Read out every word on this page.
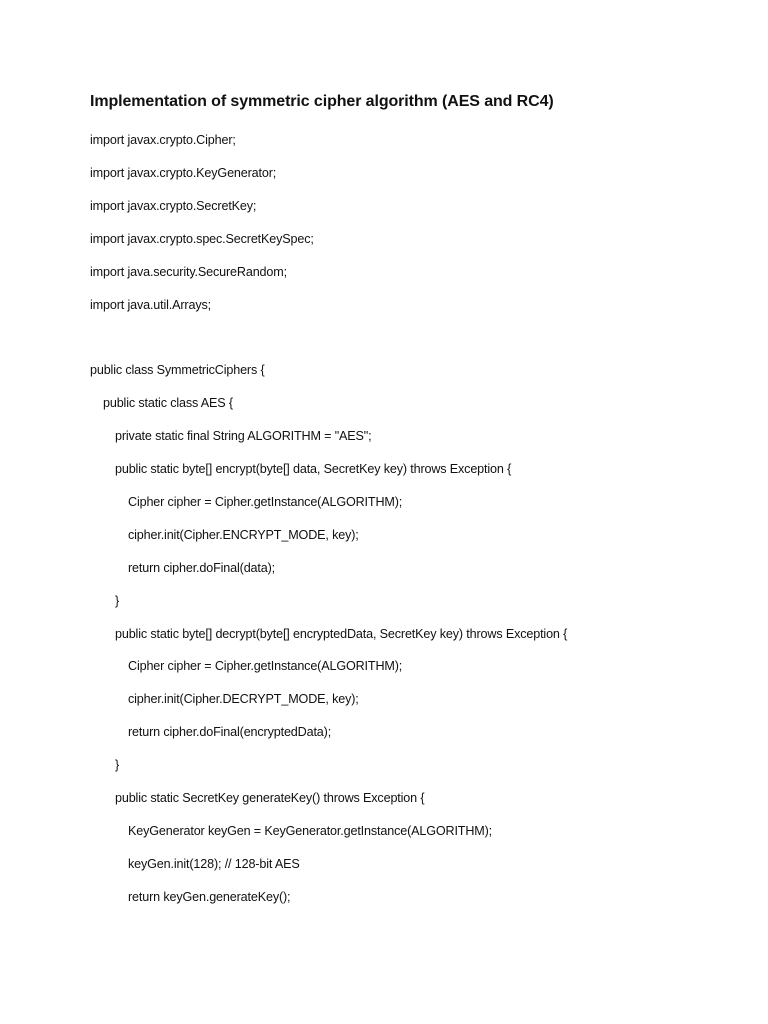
Implementation of symmetric cipher algorithm (AES and RC4)
import javax.crypto.Cipher;
import javax.crypto.KeyGenerator;
import javax.crypto.SecretKey;
import javax.crypto.spec.SecretKeySpec;
import java.security.SecureRandom;
import java.util.Arrays;
public class SymmetricCiphers {
public static class AES {
private static final String ALGORITHM = "AES";
public static byte[] encrypt(byte[] data, SecretKey key) throws Exception {
Cipher cipher = Cipher.getInstance(ALGORITHM);
cipher.init(Cipher.ENCRYPT_MODE, key);
return cipher.doFinal(data);
}
public static byte[] decrypt(byte[] encryptedData, SecretKey key) throws Exception {
Cipher cipher = Cipher.getInstance(ALGORITHM);
cipher.init(Cipher.DECRYPT_MODE, key);
return cipher.doFinal(encryptedData);
}
public static SecretKey generateKey() throws Exception {
KeyGenerator keyGen = KeyGenerator.getInstance(ALGORITHM);
keyGen.init(128); // 128-bit AES
return keyGen.generateKey();
